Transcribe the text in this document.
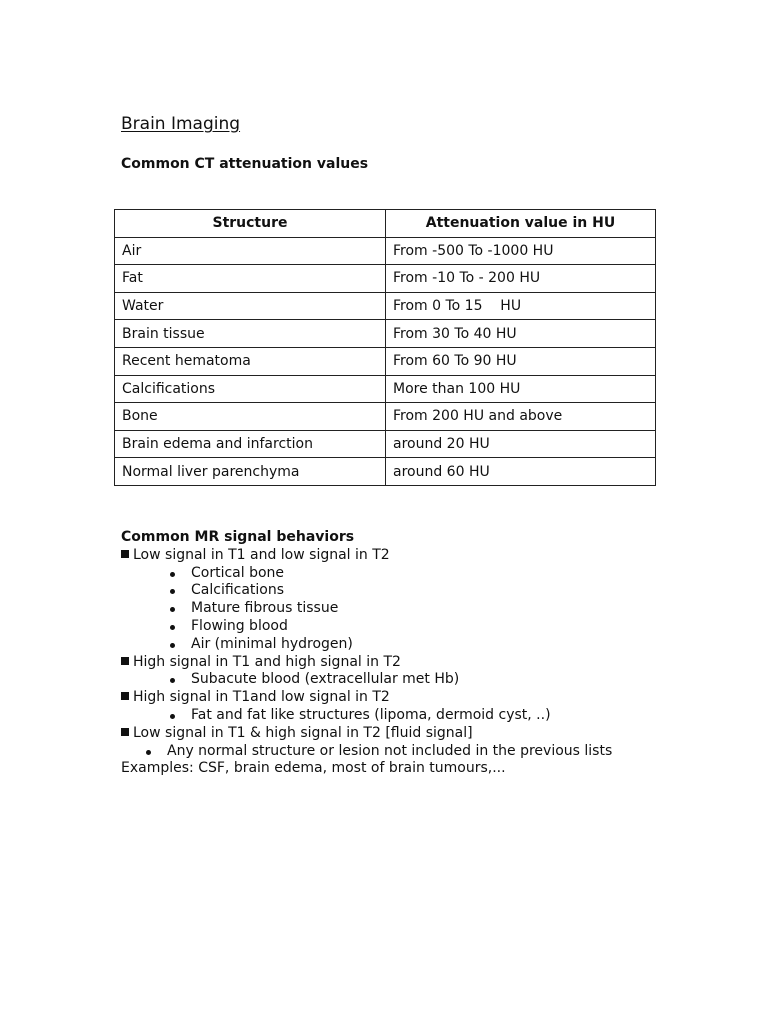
Brain Imaging
Common CT attenuation values
Structure	Attenuation value in HU
Air	From -500 To -1000 HU
Fat	From -10 To - 200 HU
Water	From 0 To 15    HU
Brain tissue	From 30 To 40 HU
Recent hematoma	From 60 To 90 HU
Calcifications	More than 100 HU
Bone	From 200 HU and above
Brain edema and infarction	around 20 HU
Normal liver parenchyma	around 60 HU

Common MR signal behaviors

Low signal in T1 and low signal in T2

Cortical bone
Calcifications
Mature fibrous tissue
Flowing blood
Air (minimal hydrogen)

High signal in T1 and high signal in T2

Subacute blood (extracellular met Hb)

High signal in T1and low signal in T2

Fat and fat like structures (lipoma, dermoid cyst, ..)

Low signal in T1 & high signal in T2 [fluid signal]

Any normal structure or lesion not included in the previous lists

Examples: CSF, brain edema, most of brain tumours,...
